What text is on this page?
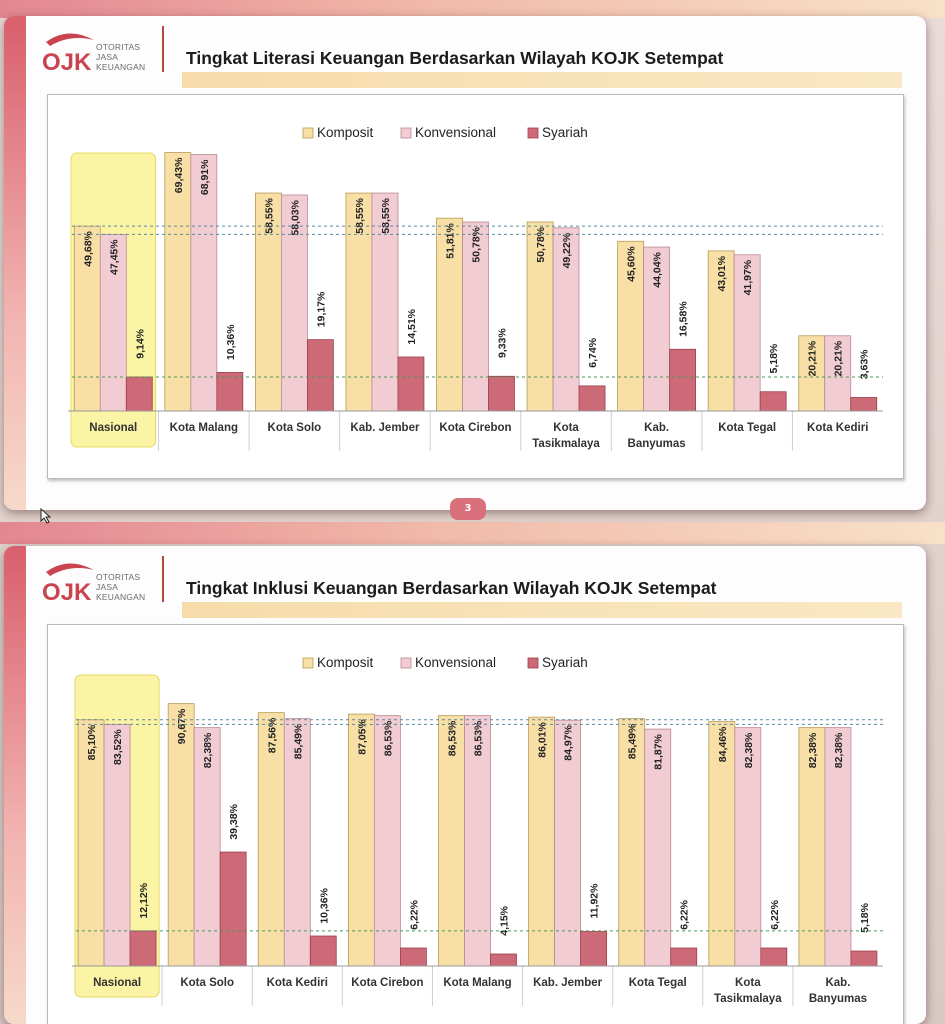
OJK
OTORITAS
JASA
KEUANGAN Tingkat Literasi Keuangan Berdasarkan Wilayah KOJK Setempat
Komposit	Konvensional	Syariah
49,68% 47,45%
9,14%
Nasional
69,43% 68,91%
10,36%
Kota Malang
58,55% 58,03%
19,17%
Kota Solo
58,55% 58,55%
14,51%
Kab. Jember
51,81% 50,78%
9,33%
Kota Cirebon
50,78% 49,22%
6,74%
Kota
Tasikmalaya
45,60% 44,04%
16,58%
Kab.
Banyumas
43,01% 41,97%
5,18%
Kota Tegal
20,21% 20,21% 3,63%
Kota Kediri
3
OJK
OTORITAS
JASA
KEUANGAN Tingkat Inklusi Keuangan Berdasarkan Wilayah KOJK Setempat
Komposit	Konvensional	Syariah
85,10% 83,52%
12,12%
Nasional
90,67%
82,38%
39,38%
Kota Solo
87,56% 85,49%
10,36%
Kota Kediri
87,05% 86,53%
6,22%
Kota Cirebon
86,53% 86,53%
4,15%
Kota Malang
86,01% 84,97%
11,92%
Kab. Jember
85,49% 81,87%
6,22%
Kota Tegal
84,46% 82,38%
6,22%
Kota
Tasikmalaya
82,38% 82,38%
5,18%
Kab.
Banyumas
